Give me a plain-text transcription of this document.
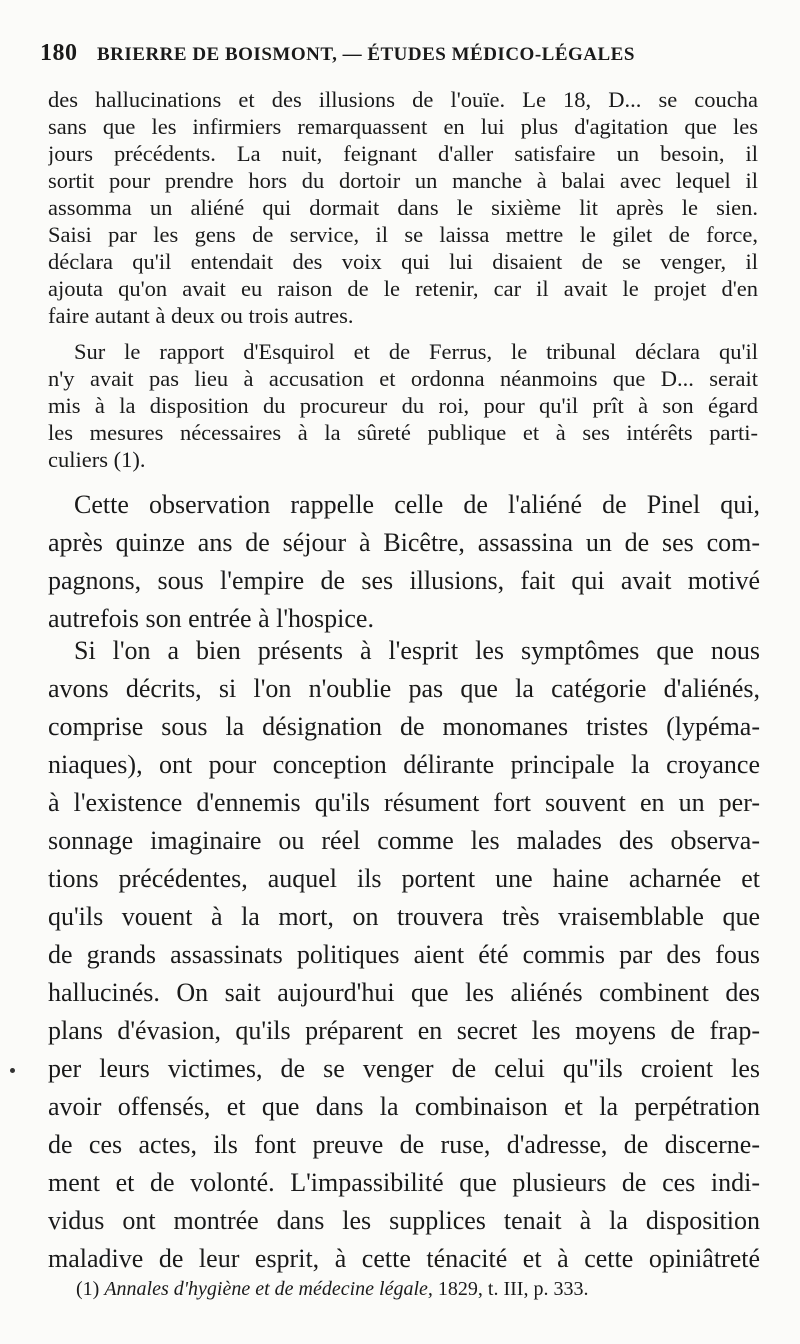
180 BRIERRE DE BOISMONT, — ÉTUDES MÉDICO-LÉGALES
des hallucinations et des illusions de l'ouïe. Le 18, D... se coucha
sans que les infirmiers remarquassent en lui plus d'agitation que les
jours précédents. La nuit, feignant d'aller satisfaire un besoin, il
sortit pour prendre hors du dortoir un manche à balai avec lequel il
assomma un aliéné qui dormait dans le sixième lit après le sien.
Saisi par les gens de service, il se laissa mettre le gilet de force,
déclara qu'il entendait des voix qui lui disaient de se venger, il
ajouta qu'on avait eu raison de le retenir, car il avait le projet d'en
faire autant à deux ou trois autres.
Sur le rapport d'Esquirol et de Ferrus, le tribunal déclara qu'il
n'y avait pas lieu à accusation et ordonna néanmoins que D... serait
mis à la disposition du procureur du roi, pour qu'il prît à son égard
les mesures nécessaires à la sûreté publique et à ses intérêts parti-
culiers (1).
Cette observation rappelle celle de l'aliéné de Pinel qui,
après quinze ans de séjour à Bicêtre, assassina un de ses com-
pagnons, sous l'empire de ses illusions, fait qui avait motivé
autrefois son entrée à l'hospice.
Si l'on a bien présents à l'esprit les symptômes que nous
avons décrits, si l'on n'oublie pas que la catégorie d'aliénés,
comprise sous la désignation de monomanes tristes (lypéma-
niaques), ont pour conception délirante principale la croyance
à l'existence d'ennemis qu'ils résument fort souvent en un per-
sonnage imaginaire ou réel comme les malades des observa-
tions précédentes, auquel ils portent une haine acharnée et
qu'ils vouent à la mort, on trouvera très vraisemblable que
de grands assassinats politiques aient été commis par des fous
hallucinés. On sait aujourd'hui que les aliénés combinent des
plans d'évasion, qu'ils préparent en secret les moyens de frap-
per leurs victimes, de se venger de celui qu''ils croient les
avoir offensés, et que dans la combinaison et la perpétration
de ces actes, ils font preuve de ruse, d'adresse, de discerne-
ment et de volonté. L'impassibilité que plusieurs de ces indi-
vidus ont montrée dans les supplices tenait à la disposition
maladive de leur esprit, à cette ténacité et à cette opiniâtreté
(1) Annales d'hygiène et de médecine légale, 1829, t. III, p. 333.
